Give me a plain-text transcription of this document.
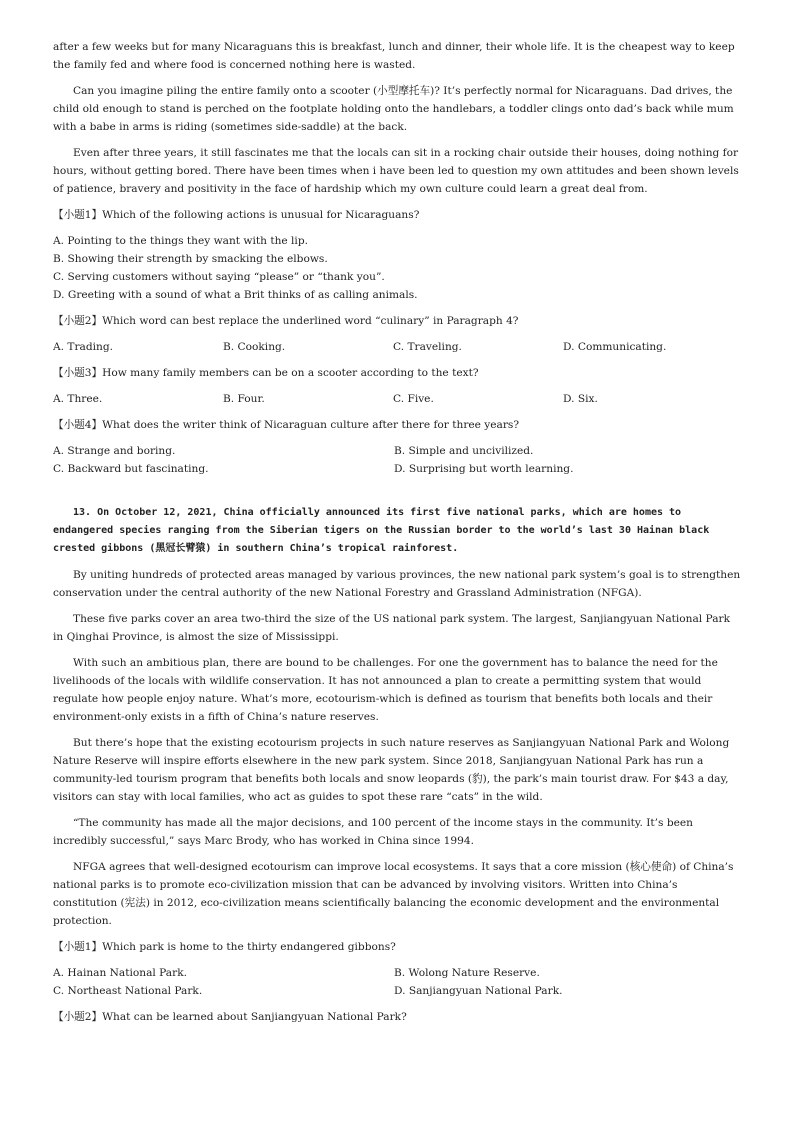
after a few weeks but for many Nicaraguans this is breakfast, lunch and dinner, their whole life. It is the cheapest way to keep the family fed and where food is concerned nothing here is wasted.

Can you imagine piling the entire family onto a scooter (小型摩托车)? It’s perfectly normal for Nicaraguans. Dad drives, the child old enough to stand is perched on the footplate holding onto the handlebars, a toddler clings onto dad’s back while mum with a babe in arms is riding (sometimes side-saddle) at the back.

Even after three years, it still fascinates me that the locals can sit in a rocking chair outside their houses, doing nothing for hours, without getting bored. There have been times when i have been led to question my own attitudes and been shown levels of patience, bravery and positivity in the face of hardship which my own culture could learn a great deal from.

【小题1】Which of the following actions is unusual for Nicaraguans?

A. Pointing to the things they want with the lip.

B. Showing their strength by smacking the elbows.

C. Serving customers without saying “please” or “thank you”.

D. Greeting with a sound of what a Brit thinks of as calling animals.

【小题2】Which word can best replace the underlined word “culinary” in Paragraph 4?

A. Trading.	B. Cooking.	C. Traveling.	D. Communicating.

【小题3】How many family members can be on a scooter according to the text?

A. Three.	B. Four.	C. Five.	D. Six.

【小题4】What does the writer think of Nicaraguan culture after there for three years?

A. Strange and boring.	B. Simple and uncivilized.
C. Backward but fascinating.	D. Surprising but worth learning.

13. On October 12, 2021, China officially announced its first five national parks, which are homes to endangered species ranging from the Siberian tigers on the Russian border to the world’s last 30 Hainan black crested gibbons (黑冠长臂猿) in southern China’s tropical rainforest.

By uniting hundreds of protected areas managed by various provinces, the new national park system’s goal is to strengthen conservation under the central authority of the new National Forestry and Grassland Administration (NFGA).

These five parks cover an area two-third the size of the US national park system. The largest, Sanjiangyuan National Park in Qinghai Province, is almost the size of Mississippi.

With such an ambitious plan, there are bound to be challenges. For one the government has to balance the need for the livelihoods of the locals with wildlife conservation. It has not announced a plan to create a permitting system that would regulate how people enjoy nature. What’s more, ecotourism-which is defined as tourism that benefits both locals and their environment-only exists in a fifth of China’s nature reserves.

But there’s hope that the existing ecotourism projects in such nature reserves as Sanjiangyuan National Park and Wolong Nature Reserve will inspire efforts elsewhere in the new park system. Since 2018, Sanjiangyuan National Park has run a community-led tourism program that benefits both locals and snow leopards (豹), the park’s main tourist draw. For $43 a day, visitors can stay with local families, who act as guides to spot these rare “cats” in the wild.

“The community has made all the major decisions, and 100 percent of the income stays in the community. It’s been incredibly successful,” says Marc Brody, who has worked in China since 1994.

NFGA agrees that well-designed ecotourism can improve local ecosystems. It says that a core mission (核心使命) of China’s national parks is to promote eco-civilization mission that can be advanced by involving visitors. Written into China’s constitution (宪法) in 2012, eco-civilization means scientifically balancing the economic development and the environmental protection.

【小题1】Which park is home to the thirty endangered gibbons?

A. Hainan National Park.	B. Wolong Nature Reserve.
C. Northeast National Park.	D. Sanjiangyuan National Park.

【小题2】What can be learned about Sanjiangyuan National Park?
